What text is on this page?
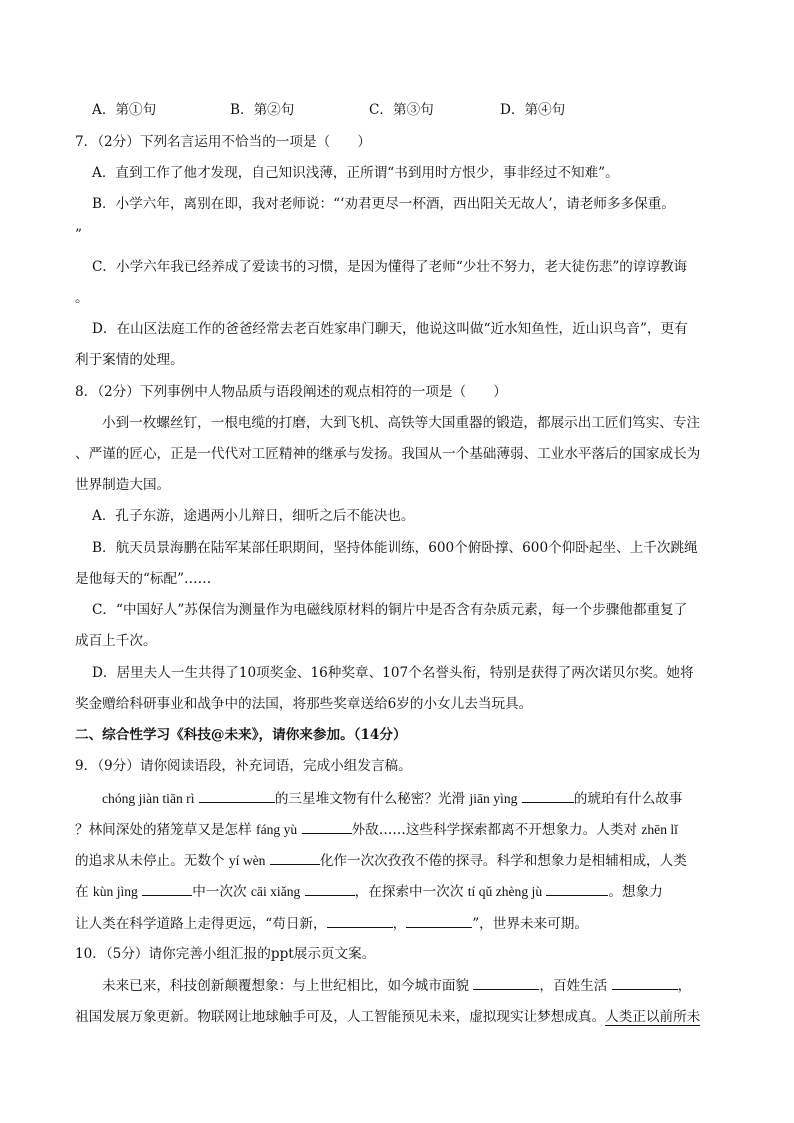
A．第①句	B．第②句	C．第③句	D．第④句
7．（2分）下列名言运用不恰当的一项是（　　）
A．直到工作了他才发现，自己知识浅薄，正所谓“书到用时方恨少，事非经过不知难”。
B．小学六年，离别在即，我对老师说：“‘劝君更尽一杯酒，西出阳关无故人’，请老师多多保重。
”
C．小学六年我已经养成了爱读书的习惯，是因为懂得了老师“少壮不努力，老大徒伤悲”的谆谆教诲
。
D．在山区法庭工作的爸爸经常去老百姓家串门聊天，他说这叫做“近水知鱼性，近山识鸟音”，更有
利于案情的处理。
8．（2分）下列事例中人物品质与语段阐述的观点相符的一项是（　　）
小到一枚螺丝钉，一根电缆的打磨，大到飞机、高铁等大国重器的锻造，都展示出工匠们笃实、专注
、严谨的匠心，正是一代代对工匠精神的继承与发扬。我国从一个基础薄弱、工业水平落后的国家成长为
世界制造大国。
A．孔子东游，途遇两小儿辩日，细听之后不能决也。
B．航天员景海鹏在陆军某部任职期间，坚持体能训练，600个俯卧撑、600个仰卧起坐、上千次跳绳
是他每天的“标配”……
C．“中国好人”苏保信为测量作为电磁线原材料的铜片中是否含有杂质元素，每一个步骤他都重复了
成百上千次。
D．居里夫人一生共得了10项奖金、16种奖章、107个名誉头衔，特别是获得了两次诺贝尔奖。她将
奖金赠给科研事业和战争中的法国，将那些奖章送给6岁的小女儿去当玩具。
二、综合性学习《科技@未来》，请你来参加。（14分）
9．（9分）请你阅读语段，补充词语，完成小组发言稿。
chóng jiàn tiān rì	的三星堆文物有什么秘密？光滑 jiān yìng	的琥珀有什么故事
？林间深处的猪笼草又是怎样 fáng yù	外敌……这些科学探索都离不开想象力。人类对 zhēn lǐ
的追求从未停止。无数个 yí wèn	化作一次次孜孜不倦的探寻。科学和想象力是相辅相成，人类
在 kùn jìng	中一次次 cāi xiǎng	，在探索中一次次 tí qǔ zhèng jù	。想象力
让人类在科学道路上走得更远，“苟日新，	，	”，世界未来可期。
10．（5分）请你完善小组汇报的ppt展示页文案。
未来已来，科技创新颠覆想象：与上世纪相比，如今城市面貌	，百姓生活	，
祖国发展万象更新。物联网让地球触手可及，人工智能预见未来，虚拟现实让梦想成真。人类正以前所未
